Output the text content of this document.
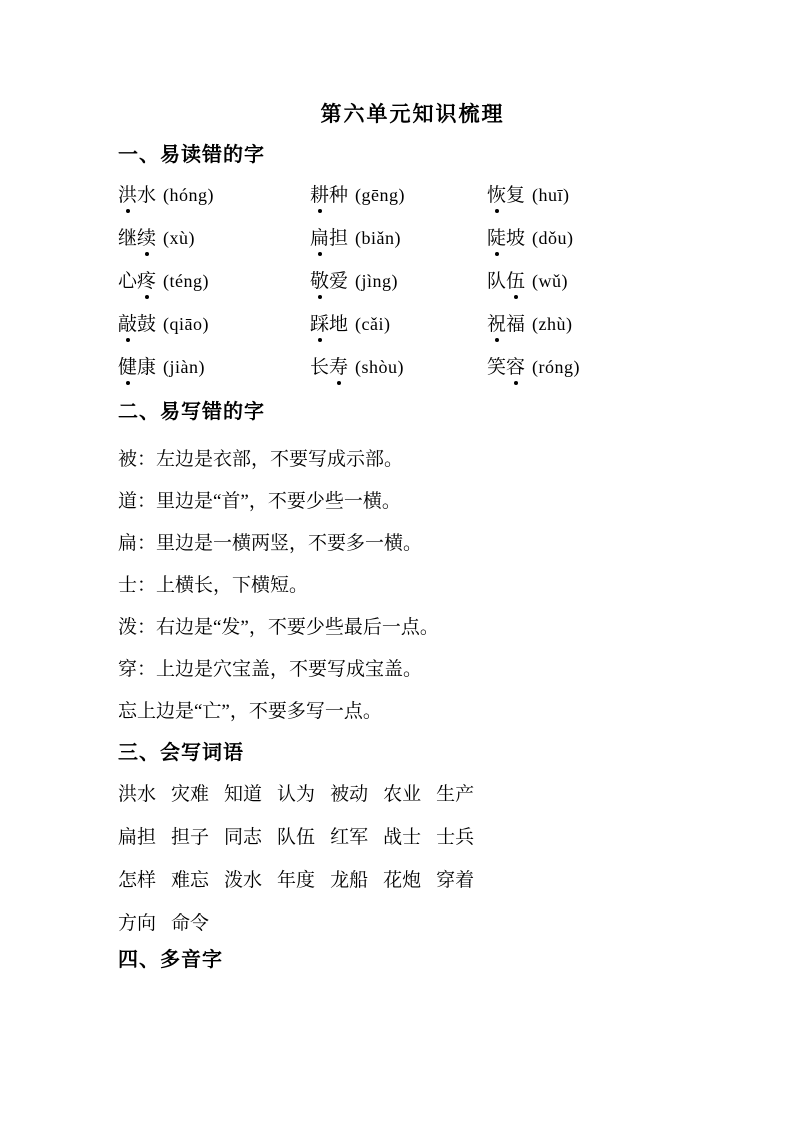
第六单元知识梳理
一、易读错的字
洪水 (hóng)	耕种 (gēng)	恢复 (huī)
继续 (xù)	扁担 (biǎn)	陡坡 (dǒu)
心疼 (téng)	敬爱 (jìng)	队伍 (wǔ)
敲鼓 (qiāo)	踩地 (cǎi)	祝福 (zhù)
健康 (jiàn)	长寿 (shòu)	笑容 (róng)
二、易写错的字
被：左边是衣部，不要写成示部。
道：里边是“首”，不要少些一横。
扁：里边是一横两竖，不要多一横。
士：上横长，下横短。
泼：右边是“发”，不要少些最后一点。
穿：上边是穴宝盖，不要写成宝盖。
忘上边是“亡”，不要多写一点。
三、会写词语
洪水 灾难 知道 认为 被动 农业 生产
扁担 担子 同志 队伍 红军 战士 士兵
怎样 难忘 泼水 年度 龙船 花炮 穿着
方向 命令
四、多音字
